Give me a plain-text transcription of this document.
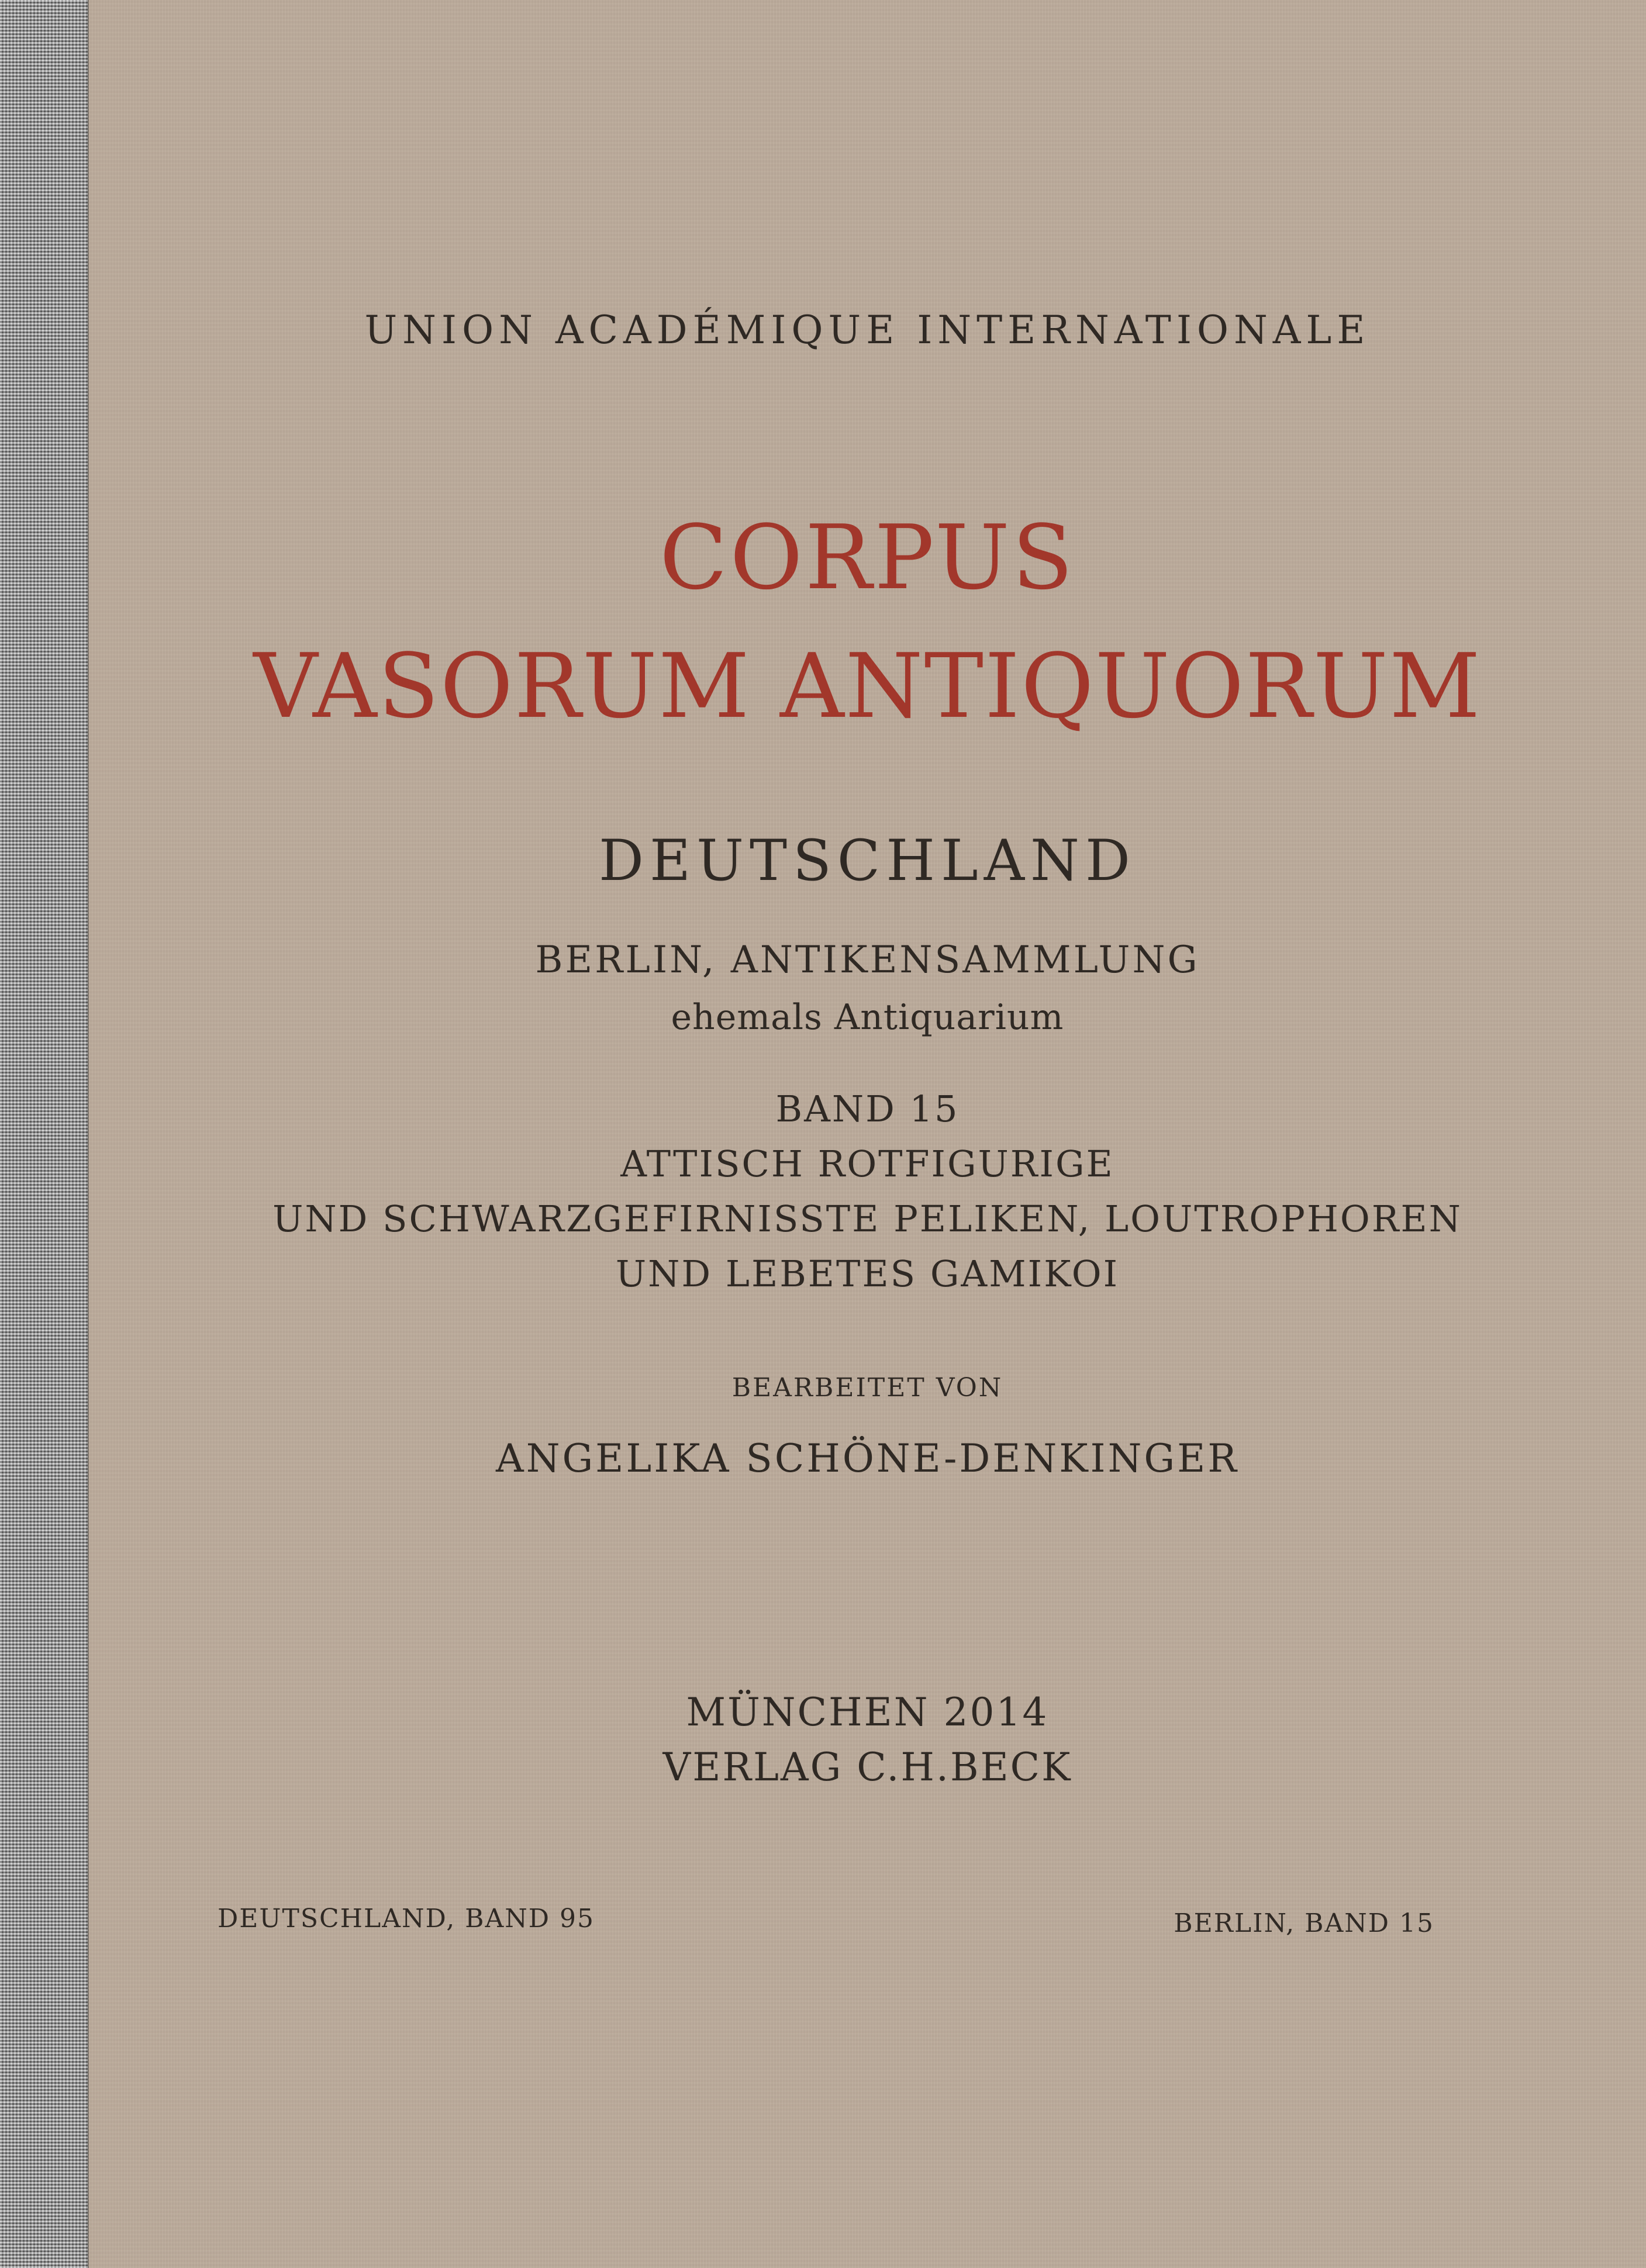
UNION ACADÉMIQUE INTERNATIONALE
CORPUS
VASORUM ANTIQUORUM
DEUTSCHLAND
BERLIN, ANTIKENSAMMLUNG
ehemals Antiquarium
BAND 15
ATTISCH ROTFIGURIGE
UND SCHWARZGEFIRNISSTE PELIKEN, LOUTROPHOREN
UND LEBETES GAMIKOI
BEARBEITET VON
ANGELIKA SCHÖNE-DENKINGER
MÜNCHEN 2014
VERLAG C.H.BECK
DEUTSCHLAND, BAND 95	BERLIN, BAND 15
